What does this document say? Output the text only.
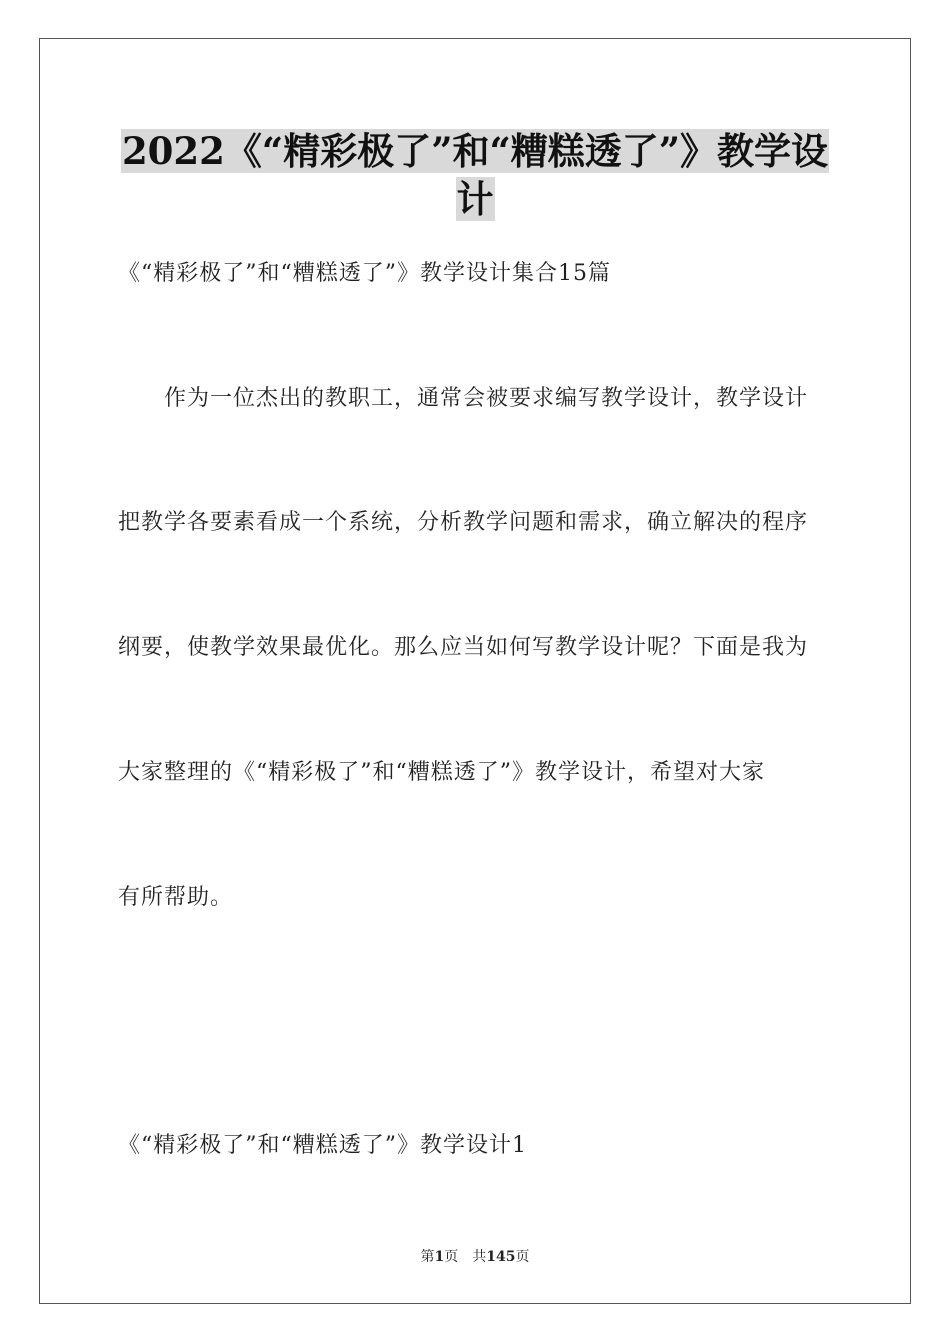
2022《“精彩极了”和“糟糕透了”》教学设
计
《“精彩极了”和“糟糕透了”》教学设计集合15篇
　　作为一位杰出的教职工，通常会被要求编写教学设计，教学设计
把教学各要素看成一个系统，分析教学问题和需求，确立解决的程序
纲要，使教学效果最优化。那么应当如何写教学设计呢？下面是我为
大家整理的《“精彩极了”和“糟糕透了”》教学设计，希望对大家
有所帮助。
《“精彩极了”和“糟糕透了”》教学设计1
第1页　共145页
